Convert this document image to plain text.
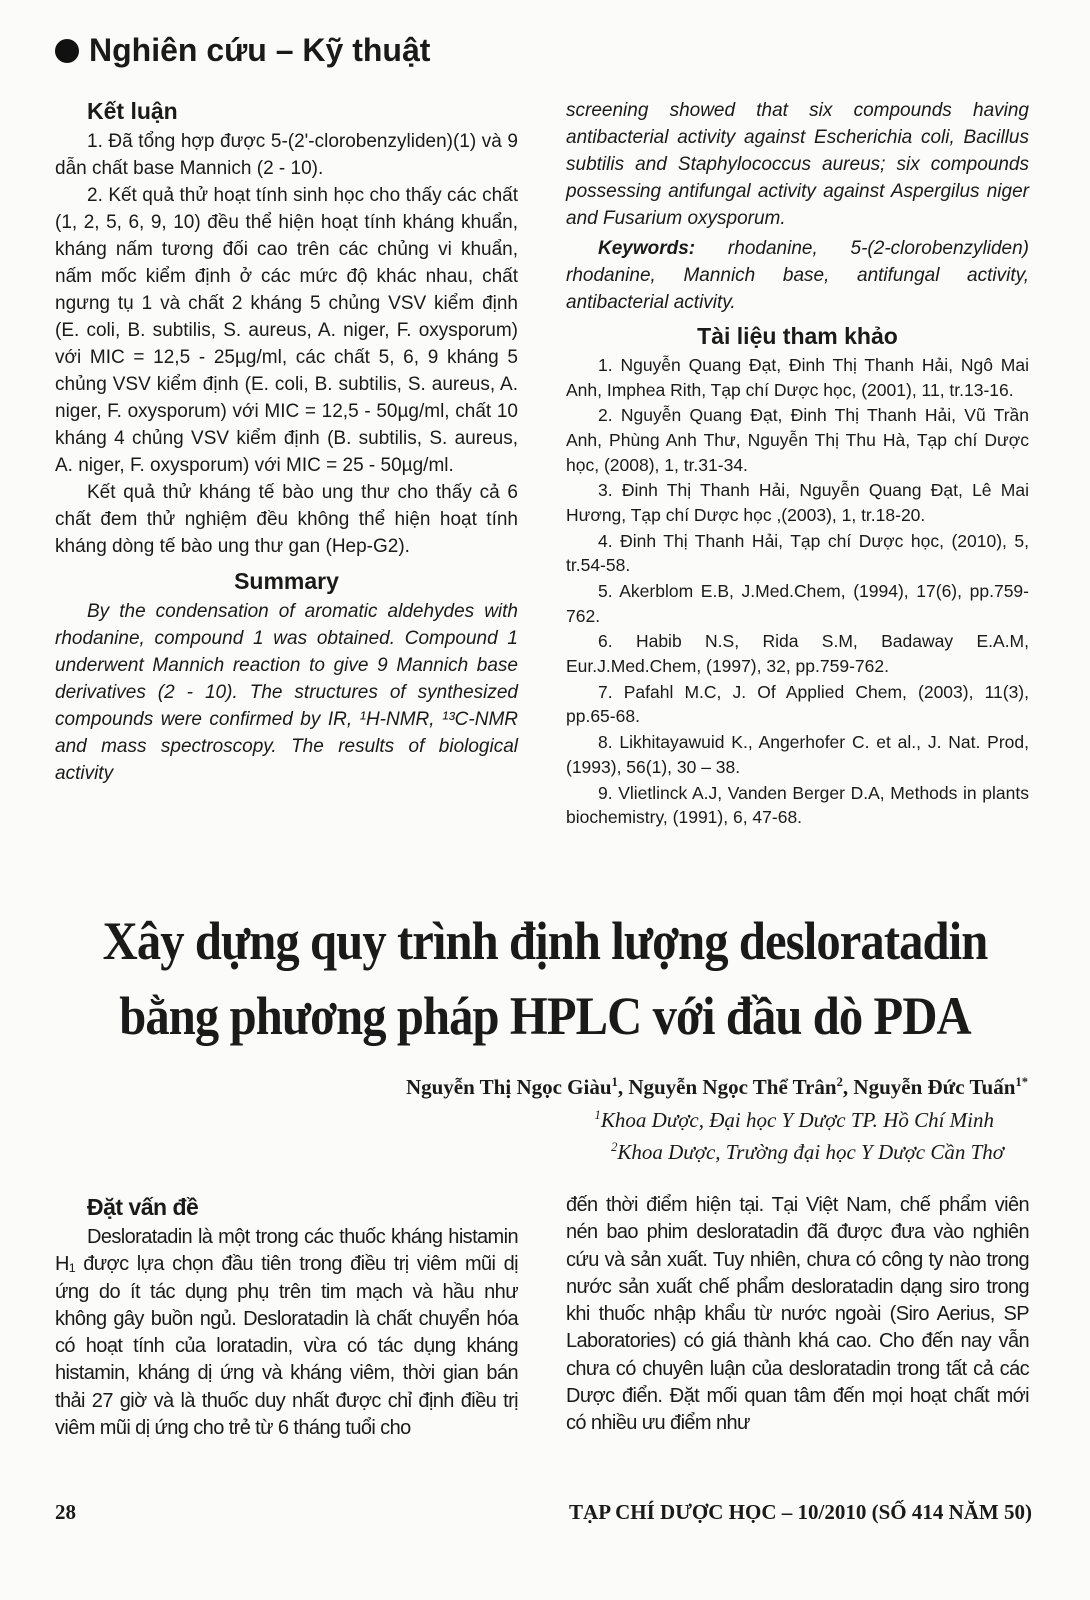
Nghiên cứu – Kỹ thuật

Kết luận

1. Đã tổng hợp được 5-(2'-clorobenzyliden)(1) và 9 dẫn chất base Mannich (2 - 10).

2. Kết quả thử hoạt tính sinh học cho thấy các chất (1, 2, 5, 6, 9, 10) đều thể hiện hoạt tính kháng khuẩn, kháng nấm tương đối cao trên các chủng vi khuẩn, nấm mốc kiểm định ở các mức độ khác nhau, chất ngưng tụ 1 và chất 2 kháng 5 chủng VSV kiểm định (E. coli, B. subtilis, S. aureus, A. niger, F. oxysporum) với MIC = 12,5 - 25µg/ml, các chất 5, 6, 9 kháng 5 chủng VSV kiểm định (E. coli, B. subtilis, S. aureus, A. niger, F. oxysporum) với MIC = 12,5 - 50µg/ml, chất 10 kháng 4 chủng VSV kiểm định (B. subtilis, S. aureus, A. niger, F. oxysporum) với MIC = 25 - 50µg/ml.

Kết quả thử kháng tế bào ung thư cho thấy cả 6 chất đem thử nghiệm đều không thể hiện hoạt tính kháng dòng tế bào ung thư gan (Hep-G2).

Summary

By the condensation of aromatic aldehydes with rhodanine, compound 1 was obtained. Compound 1 underwent Mannich reaction to give 9 Mannich base derivatives (2 - 10). The structures of synthesized compounds were confirmed by IR, ¹H-NMR, ¹³C-NMR and mass spectroscopy. The results of biological activity

screening showed that six compounds having antibacterial activity against Escherichia coli, Bacillus subtilis and Staphylococcus aureus; six compounds possessing antifungal activity against Aspergilus niger and Fusarium oxysporum.

Keywords: rhodanine, 5-(2-clorobenzyliden) rhodanine, Mannich base, antifungal activity, antibacterial activity.

Tài liệu tham khảo

1. Nguyễn Quang Đạt, Đinh Thị Thanh Hải, Ngô Mai Anh, Imphea Rith, Tạp chí Dược học, (2001), 11, tr.13-16.

2. Nguyễn Quang Đạt, Đinh Thị Thanh Hải, Vũ Trần Anh, Phùng Anh Thư, Nguyễn Thị Thu Hà, Tạp chí Dược học, (2008), 1, tr.31-34.

3. Đinh Thị Thanh Hải, Nguyễn Quang Đạt, Lê Mai Hương, Tạp chí Dược học ,(2003), 1, tr.18-20.

4. Đinh Thị Thanh Hải, Tạp chí Dược học, (2010), 5, tr.54-58.

5. Akerblom E.B, J.Med.Chem, (1994), 17(6), pp.759-762.

6. Habib N.S, Rida S.M, Badaway E.A.M, Eur.J.Med.Chem, (1997), 32, pp.759-762.

7. Pafahl M.C, J. Of Applied Chem, (2003), 11(3), pp.65-68.

8. Likhitayawuid K., Angerhofer C. et al., J. Nat. Prod, (1993), 56(1), 30 – 38.

9. Vlietlinck A.J, Vanden Berger D.A, Methods in plants biochemistry, (1991), 6, 47-68.

Xây dựng quy trình định lượng desloratadin
bằng phương pháp HPLC với đầu dò PDA
Nguyễn Thị Ngọc Giàu$^1$, Nguyễn Ngọc Thể Trân$^2$, Nguyễn Đức Tuấn$^{1*}$
$^1$Khoa Dược, Đại học Y Dược TP. Hồ Chí Minh
$^2$Khoa Dược, Trường đại học Y Dược Cần Thơ

Đặt vấn đề

Desloratadin là một trong các thuốc kháng histamin H₁ được lựa chọn đầu tiên trong điều trị viêm mũi dị ứng do ít tác dụng phụ trên tim mạch và hầu như không gây buồn ngủ. Desloratadin là chất chuyển hóa có hoạt tính của loratadin, vừa có tác dụng kháng histamin, kháng dị ứng và kháng viêm, thời gian bán thải 27 giờ và là thuốc duy nhất được chỉ định điều trị viêm mũi dị ứng cho trẻ từ 6 tháng tuổi cho

đến thời điểm hiện tại. Tại Việt Nam, chế phẩm viên nén bao phim desloratadin đã được đưa vào nghiên cứu và sản xuất. Tuy nhiên, chưa có công ty nào trong nước sản xuất chế phẩm desloratadin dạng siro trong khi thuốc nhập khẩu từ nước ngoài (Siro Aerius, SP Laboratories) có giá thành khá cao. Cho đến nay vẫn chưa có chuyên luận của desloratadin trong tất cả các Dược điển. Đặt mối quan tâm đến mọi hoạt chất mới có nhiều ưu điểm như

28	TẠP CHÍ DƯỢC HỌC – 10/2010 (SỐ 414 NĂM 50)
